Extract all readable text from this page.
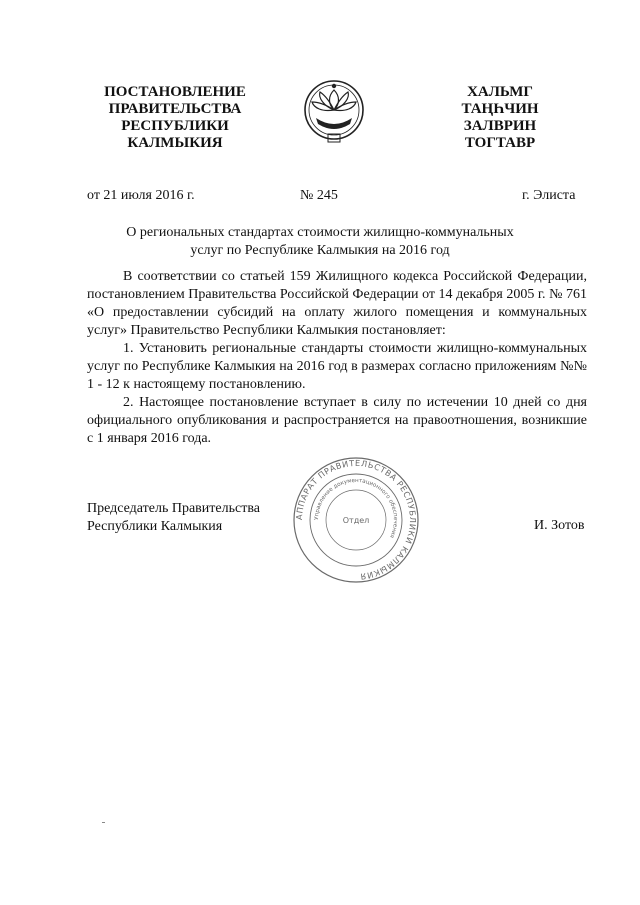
ПОСТАНОВЛЕНИЕ
ПРАВИТЕЛЬСТВА
РЕСПУБЛИКИ
КАЛМЫКИЯ
ХАЛЬМГ
ТАҢҺЧИН
ЗАЛВРИН
ТОГТАВР
от 21 июля 2016 г.	№ 245	г. Элиста
О региональных стандартах стоимости жилищно-коммунальных
услуг по Республике Калмыкия на 2016 год

В соответствии со статьей 159 Жилищного кодекса Российской Федерации, постановлением Правительства Российской Федерации от 14 декабря 2005 г. № 761 «О предоставлении субсидий на оплату жилого помещения и коммунальных услуг» Правительство Республики Калмыкия постановляет:

1. Установить региональные стандарты стоимости жилищно-коммунальных услуг по Республике Калмыкия на 2016 год в размерах согласно приложениям №№ 1 - 12 к настоящему постановлению.

2. Настоящее постановление вступает в силу по истечении 10 дней со дня официального опубликования и распространяется на правоотношения, возникшие с 1 января 2016 года.

Председатель Правительства
Республики Калмыкия
АППАРАТ ПРАВИТЕЛЬСТВА РЕСПУБЛИКИ КАЛМЫКИЯ
Управление документационного обеспечения
Отдел	И. Зотов
